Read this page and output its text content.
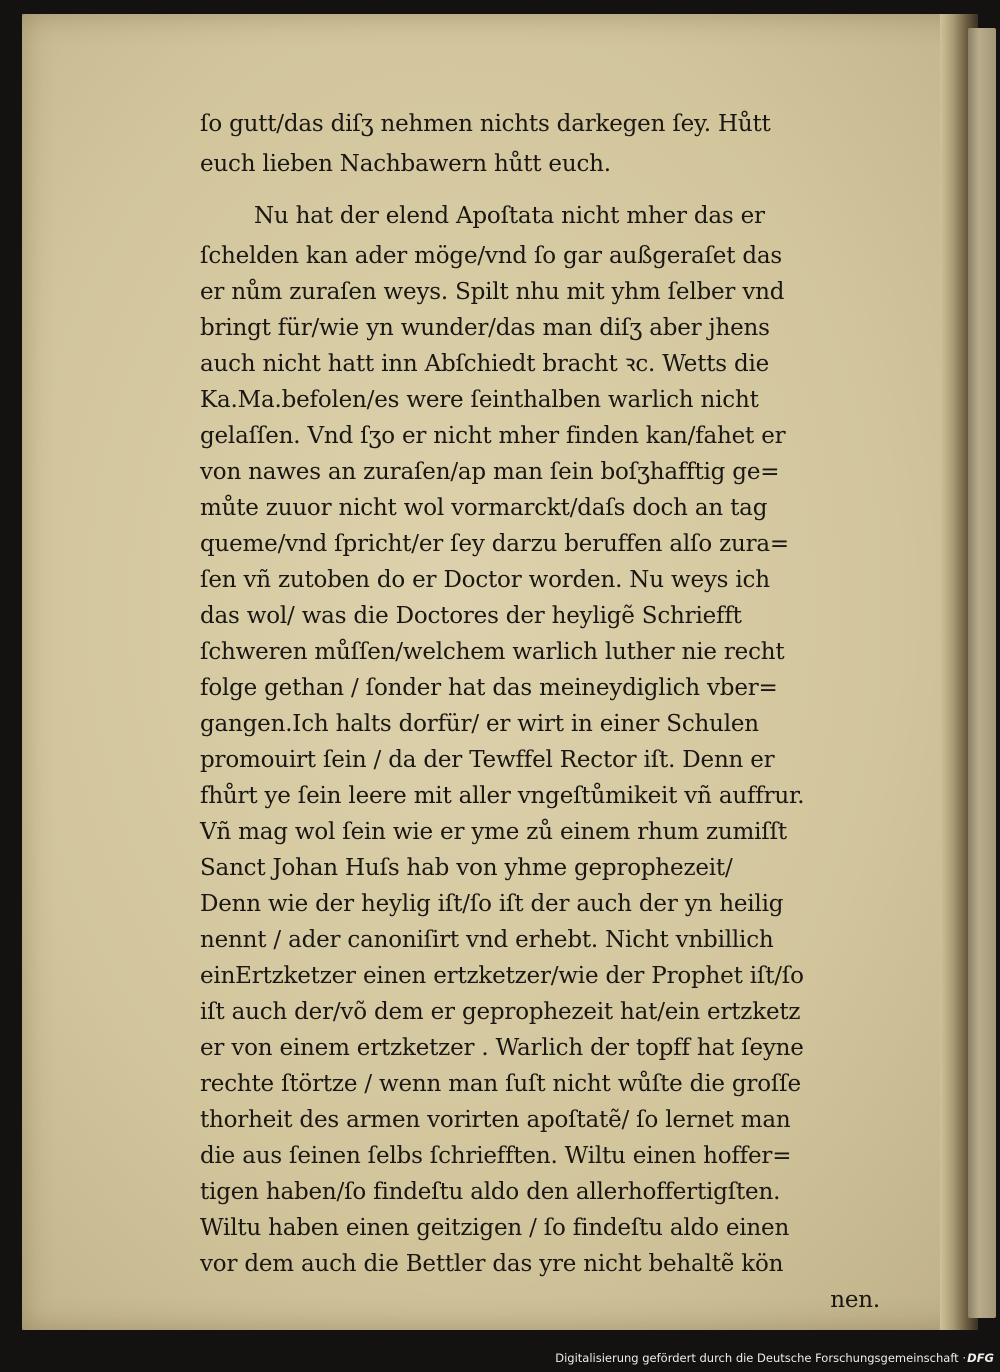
ſo gutt/das diſʒ nehmen nichts darkegen ſey. Hůtt
euch lieben Nachbawern hůtt euch.
Nu hat der elend Apoſtata nicht mher das er
ſchelden kan ader möge/vnd ſo gar außgeraſet das
er nům zuraſen weys. Spilt nhu mit yhm ſelber vnd
bringt für/wie yn wunder/das man diſʒ aber jhens
auch nicht hatt inn Abſchiedt bracht ꝛc. Wetts die
Ka.Ma.befolen/es were ſeinthalben warlich nicht
gelaſſen. Vnd ſʒo er nicht mher finden kan/fahet er
von nawes an zuraſen/ap man ſein boſʒhafftig ge=
můte zuuor nicht wol vormarckt/daſs doch an tag
queme/vnd ſpricht/er ſey darzu beruffen alſo zura=
ſen vñ zutoben do er Doctor worden. Nu weys ich
das wol/ was die Doctores der heyligẽ Schriefft
ſchweren můſſen/welchem warlich luther nie recht
folge gethan / ſonder hat das meineydiglich vber=
gangen.Ich halts dorfür/ er wirt in einer Schulen
promouirt ſein / da der Tewffel Rector iſt. Denn er
fhůrt ye ſein leere mit aller vngeſtůmikeit vñ auffrur.
Vñ mag wol ſein wie er yme zů einem rhum zumiſſt
Sanct Johan Huſs hab von yhme geprophezeit/
Denn wie der heylig iſt/ſo iſt der auch der yn heilig
nennt / ader canoniſirt vnd erhebt. Nicht vnbillich
einErtzketzer einen ertzketzer/wie der Prophet iſt/ſo
iſt auch der/võ dem er geprophezeit hat/ein ertzketz
er von einem ertzketzer . Warlich der topff hat ſeyne
rechte ſtörtze / wenn man ſuſt nicht wůſte die groſſe
thorheit des armen vorirten apoſtatẽ/ ſo lernet man
die aus ſeinen ſelbs ſchriefften. Wiltu einen hoffer=
tigen haben/ſo findeſtu aldo den allerhoffertigſten.
Wiltu haben einen geitzigen / ſo findeſtu aldo einen
vor dem auch die Bettler das yre nicht behaltẽ kön
nen.
Digitalisierung gefördert durch die Deutsche Forschungsgemeinschaft · DFG
